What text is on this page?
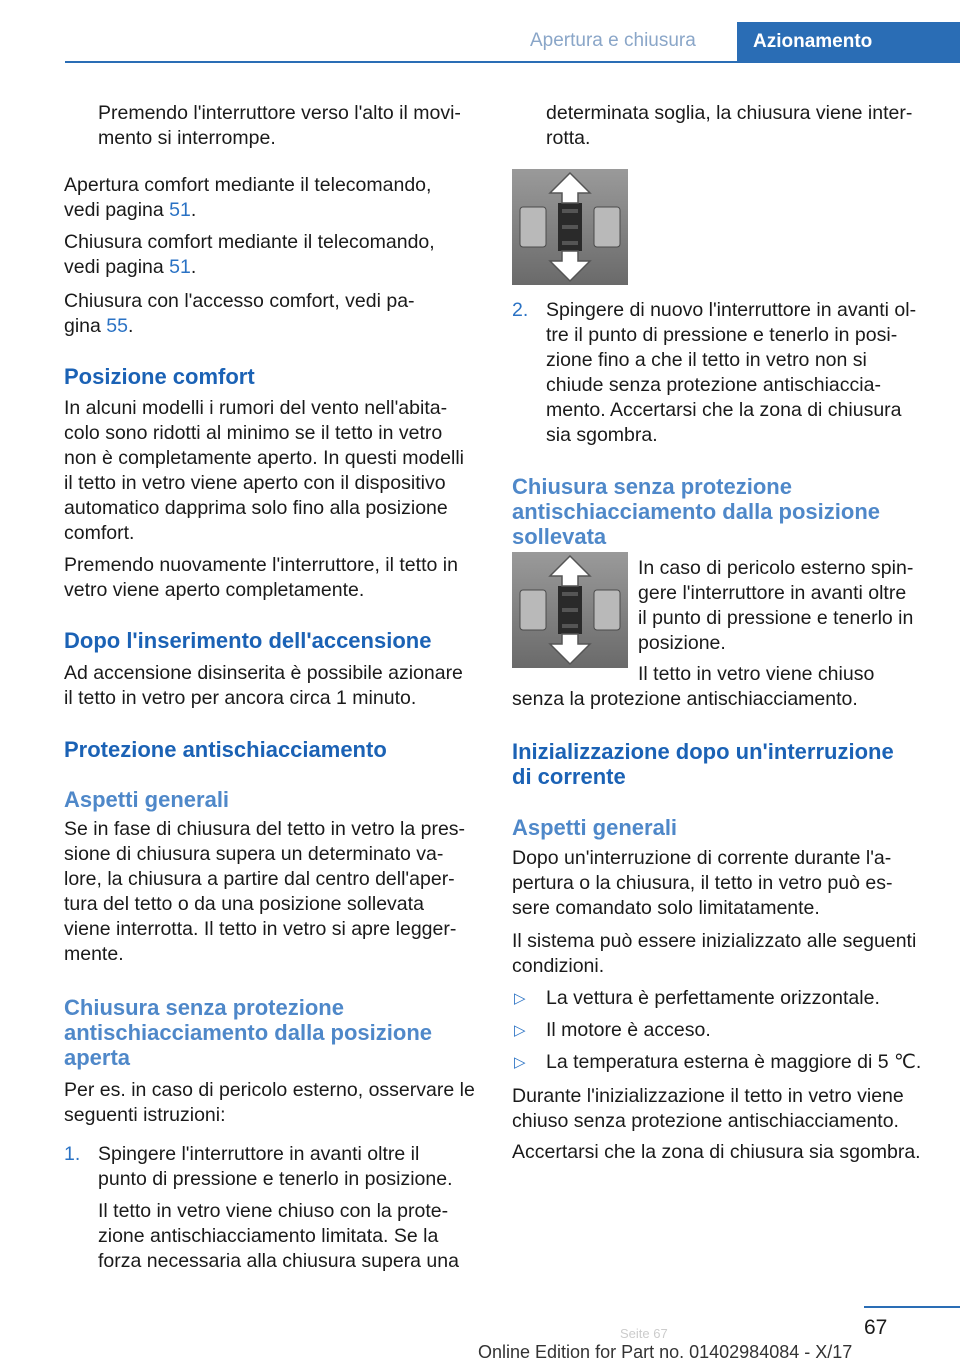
Apertura e chiusura	Azionamento

Premendo l'interruttore verso l'alto il movi-
mento si interrompe.

Apertura comfort mediante il telecomando,
vedi pagina 51.

Chiusura comfort mediante il telecomando,
vedi pagina 51.

Chiusura con l'accesso comfort, vedi pa-
gina 55.

Posizione comfort

In alcuni modelli i rumori del vento nell'abita-
colo sono ridotti al minimo se il tetto in vetro
non è completamente aperto. In questi modelli
il tetto in vetro viene aperto con il dispositivo
automatico dapprima solo fino alla posizione
comfort.

Premendo nuovamente l'interruttore, il tetto in
vetro viene aperto completamente.

Dopo l'inserimento dell'accensione

Ad accensione disinserita è possibile azionare
il tetto in vetro per ancora circa 1 minuto.

Protezione antischiacciamento
Aspetti generali

Se in fase di chiusura del tetto in vetro la pres-
sione di chiusura supera un determinato va-
lore, la chiusura a partire dal centro dell'aper-
tura del tetto o da una posizione sollevata
viene interrotta. Il tetto in vetro si apre legger-
mente.

Chiusura senza protezione
antischiacciamento dalla posizione
aperta

Per es. in caso di pericolo esterno, osservare le
seguenti istruzioni:

1. Spingere l'interruttore in avanti oltre il
punto di pressione e tenerlo in posizione.

Il tetto in vetro viene chiuso con la prote-
zione antischiacciamento limitata. Se la
forza necessaria alla chiusura supera una

determinata soglia, la chiusura viene inter-
rotta.

2. Spingere di nuovo l'interruttore in avanti ol-
tre il punto di pressione e tenerlo in posi-
zione fino a che il tetto in vetro non si
chiude senza protezione antischiaccia-
mento. Accertarsi che la zona di chiusura
sia sgombra.
Chiusura senza protezione
antischiacciamento dalla posizione
sollevata

In caso di pericolo esterno spin-
gere l'interruttore in avanti oltre
il punto di pressione e tenerlo in
posizione.

Il tetto in vetro viene chiuso

senza la protezione antischiacciamento.

Inizializzazione dopo un'interruzione
di corrente
Aspetti generali

Dopo un'interruzione di corrente durante l'a-
pertura o la chiusura, il tetto in vetro può es-
sere comandato solo limitatamente.

Il sistema può essere inizializzato alle seguenti
condizioni.

▷ La vettura è perfettamente orizzontale.
▷ Il motore è acceso.
▷ La temperatura esterna è maggiore di 5 ℃.

Durante l'inizializzazione il tetto in vetro viene
chiuso senza protezione antischiacciamento.

Accertarsi che la zona di chiusura sia sgombra.

67
Online Edition for Part no. 01402984084 - X/17
Seite 67
